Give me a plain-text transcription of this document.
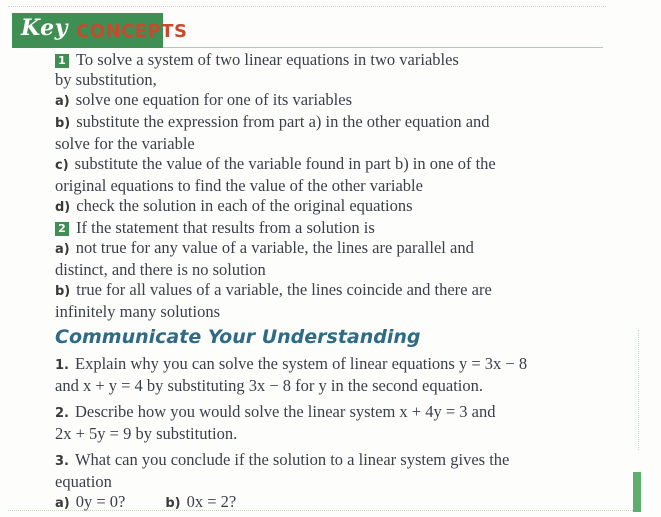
Key CONCEPTS
1 To solve a system of two linear equations in two variables
by substitution,
a) solve one equation for one of its variables
b) substitute the expression from part a) in the other equation and
solve for the variable
c) substitute the value of the variable found in part b) in one of the
original equations to find the value of the other variable
d) check the solution in each of the original equations
2 If the statement that results from a solution is
a) not true for any value of a variable, the lines are parallel and
distinct, and there is no solution
b) true for all values of a variable, the lines coincide and there are
infinitely many solutions
Communicate Your Understanding
1. Explain why you can solve the system of linear equations y = 3x − 8
and x + y = 4 by substituting 3x − 8 for y in the second equation.
2. Describe how you would solve the linear system x + 4y = 3 and
2x + 5y = 9 by substitution.
3. What can you conclude if the solution to a linear system gives the
equation
a) 0y = 0?	b) 0x = 2?
